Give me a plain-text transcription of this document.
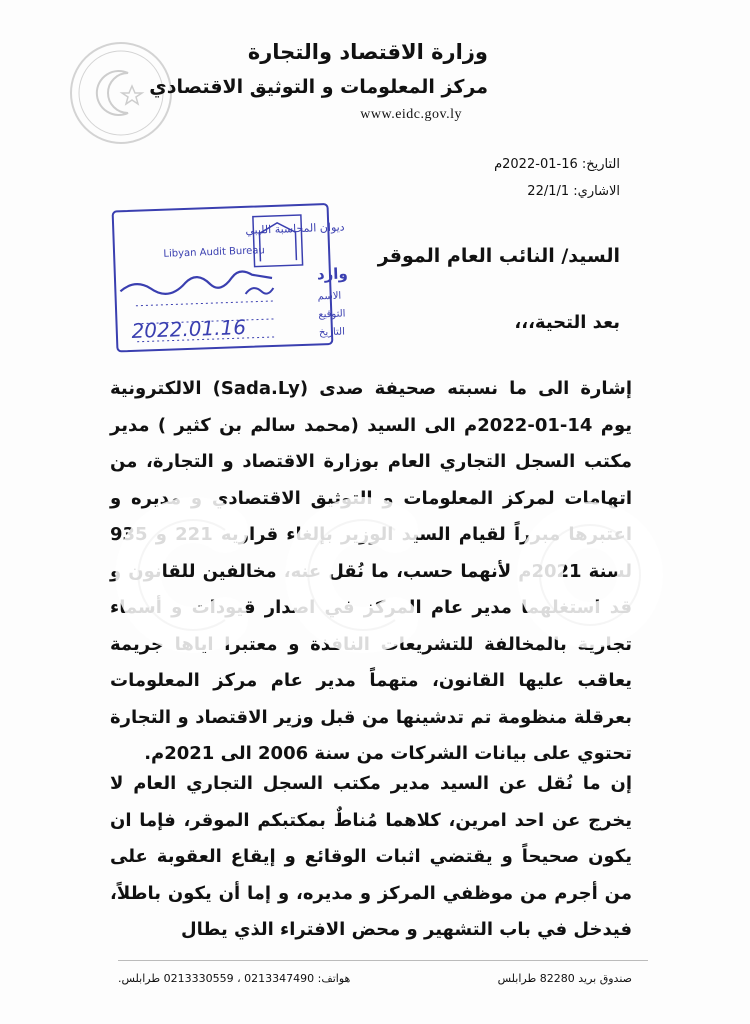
وزارة الاقتصاد والتجارة
مركز المعلومات و التوثيق الاقتصادي
www.eidc.gov.ly
التاريخ: 16-01-2022م
الاشاري: 22/1/1
ديوان المحاسبة الليبي
Libyan Audit Bureau
وارد
الاسم
التوقيع
التاريخ
2022.01.16
السيد/ النائب العام الموقر
بعد التحية،،،
إشارة الى ما نسبته صحيفة صدى (Sada.Ly) الالكترونية يوم 14-01-2022م الى السيد (محمد سالم بن كثير ) مدير مكتب السجل التجاري العام بوزارة الاقتصاد و التجارة، من اتهامات لمركز المعلومات و التوثيق الاقتصادي و مديره و اعتبرها مبرراً لقيام السيد الوزير بإلغاء قراريه 221 و 935 لسنة 2021م لأنهما حسب، ما نُقل عنه، مخالفين للقانون و قد استغلهما مدير عام المركز في اصدار قيودات و أسماء تجارية بالمخالفة للتشريعات النافذة و معتبرا اياها جريمة يعاقب عليها القانون، متهماً مدير عام مركز المعلومات بعرقلة منظومة تم تدشينها من قبل وزير الاقتصاد و التجارة تحتوي على بيانات الشركات من سنة 2006 الى 2021م.
إن ما نُقل عن السيد مدير مكتب السجل التجاري العام لا يخرج عن احد امرين، كلاهما مُناطٌ بمكتبكم الموقر، فإما ان يكون صحيحاً و يقتضي اثبات الوقائع و إيقاع العقوبة على من أجرم من موظفي المركز و مديره، و إما أن يكون باطلاً، فيدخل في باب التشهير و محض الافتراء الذي يطال
هواتف: 0213347490 ، 0213330559 طرابلس.	صندوق بريد 82280 طرابلس
